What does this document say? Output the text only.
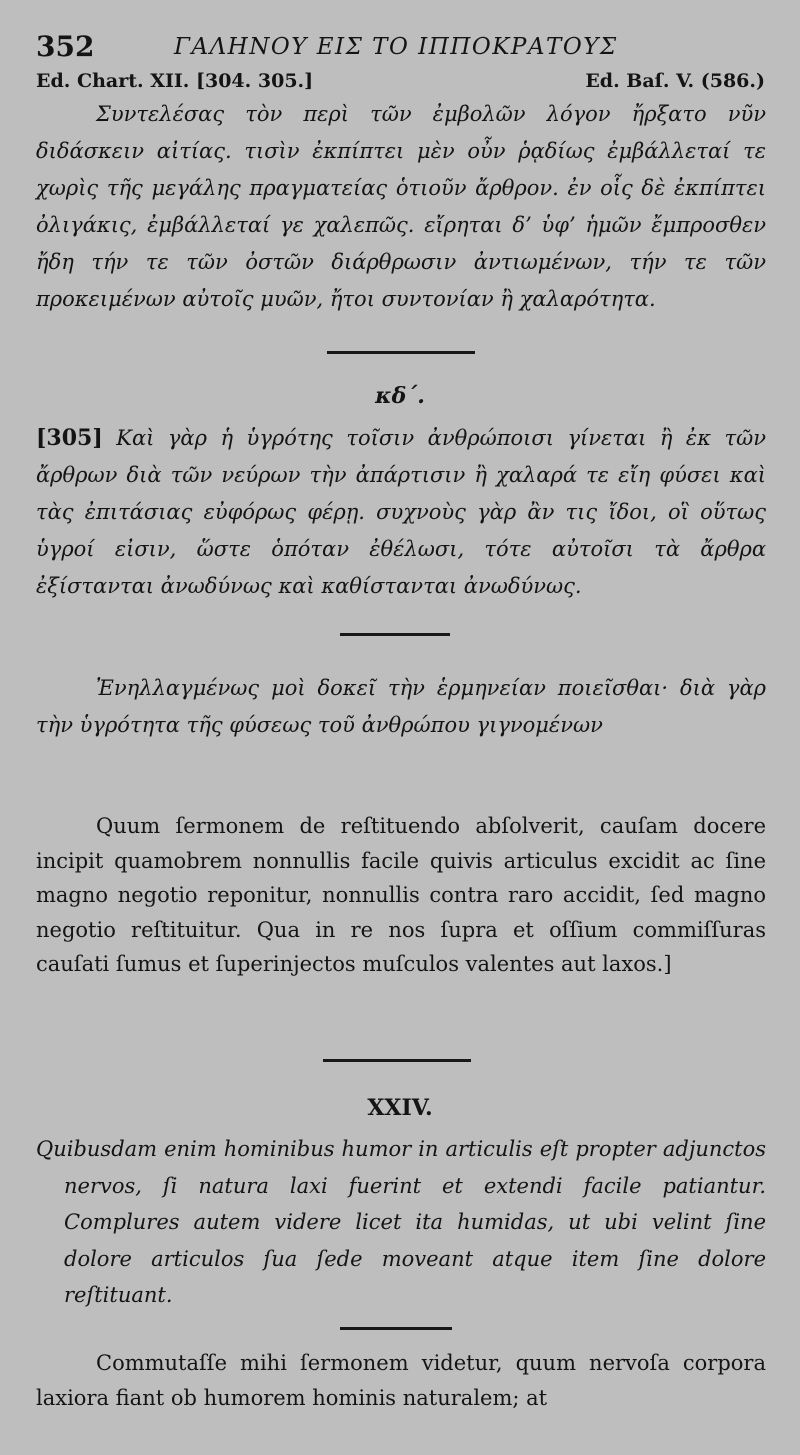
352	ΓΑΛΗΝΟΥ ΕΙΣ ΤΟ ΙΠΠΟΚΡΑΤΟΥΣ
Ed. Chart. XII. [304. 305.]	Ed. Baſ. V. (586.)
Συντελέσας τὸν περὶ τῶν ἐμβολῶν λόγον ἤρξατο νῦν διδάσκειν αἰτίας. τισὶν ἐκπίπτει μὲν οὖν ῥᾳδίως ἐμβάλλεταί τε χωρὶς τῆς μεγάλης πραγματείας ὁτιοῦν ἄρθρον. ἐν οἷς δὲ ἐκπίπτει ὀλιγάκις, ἐμβάλλεταί γε χαλεπῶς. εἴρηται δ’ ὑφ’ ἡμῶν ἔμπροσθεν ἤδη τήν τε τῶν ὀστῶν διάρθρωσιν ἀντιωμένων, τήν τε τῶν προκειμένων αὐτοῖς μυῶν, ἤτοι συντονίαν ἢ χαλαρότητα.
κδ΄.
[305] Καὶ γὰρ ἡ ὑγρότης τοῖσιν ἀνθρώποισι γίνεται ἢ ἐκ τῶν ἄρθρων διὰ τῶν νεύρων τὴν ἀπάρτισιν ἢ χαλαρά τε εἴη φύσει καὶ τὰς ἐπιτάσιας εὐφόρως φέρῃ. συχνοὺς γὰρ ἂν τις ἴδοι, οἳ οὕτως ὑγροί εἰσιν, ὥστε ὁπόταν ἐθέλωσι, τότε αὐτοῖσι τὰ ἄρθρα ἐξίστανται ἀνωδύνως καὶ καθίστανται ἀνωδύνως.
Ἐνηλλαγμένως μοὶ δοκεῖ τὴν ἑρμηνείαν ποιεῖσθαι· διὰ γὰρ τὴν ὑγρότητα τῆς φύσεως τοῦ ἀνθρώπου γιγνομένων
Quum ſermonem de reſtituendo abſolverit, cauſam docere incipit quamobrem nonnullis facile quivis articulus excidit ac ſine magno negotio reponitur, nonnullis contra raro accidit, ſed magno negotio reſtituitur. Qua in re nos ſupra et oſſium commiſſuras cauſati ſumus et ſuperinjectos muſculos valentes aut laxos.]
XXIV.
Quibusdam enim hominibus humor in articulis eſt propter adjunctos nervos, ſi natura laxi fuerint et extendi facile patiantur. Complures autem videre licet ita humidas, ut ubi velint ſine dolore articulos ſua ſede moveant atque item ſine dolore reſtituant.
Commutaſſe mihi ſermonem videtur, quum nervoſa corpora laxiora fiant ob humorem hominis naturalem; at
